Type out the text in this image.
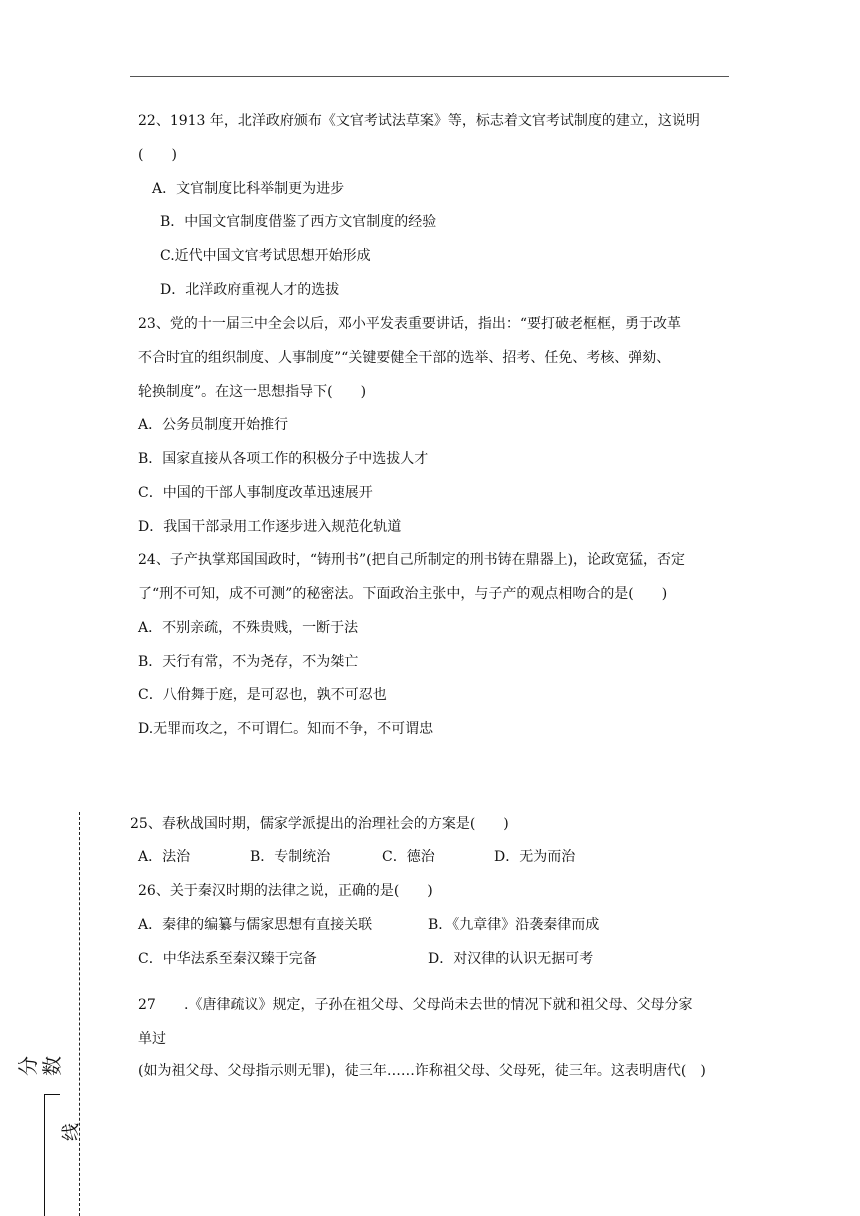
22、1913 年，北洋政府颁布《文官考试法草案》等，标志着文官考试制度的建立，这说明
(　　)
A．文官制度比科举制更为进步
B．中国文官制度借鉴了西方文官制度的经验
C.近代中国文官考试思想开始形成
D．北洋政府重视人才的选拔
23、党的十一届三中全会以后，邓小平发表重要讲话，指出：“要打破老框框，勇于改革
不合时宜的组织制度、人事制度”“关键要健全干部的选举、招考、任免、考核、弹劾、
轮换制度”。在这一思想指导下(　　)
A．公务员制度开始推行
B．国家直接从各项工作的积极分子中选拔人才
C．中国的干部人事制度改革迅速展开
D．我国干部录用工作逐步进入规范化轨道
24、子产执掌郑国国政时，“铸刑书”(把自己所制定的刑书铸在鼎器上)，论政宽猛，否定
了“刑不可知，成不可测”的秘密法。下面政治主张中，与子产的观点相吻合的是(　　)
A．不别亲疏，不殊贵贱，一断于法
B．天行有常，不为尧存，不为桀亡
C．八佾舞于庭，是可忍也，孰不可忍也
D.无罪而攻之，不可谓仁。知而不争，不可谓忠
25、春秋战国时期，儒家学派提出的治理社会的方案是(　　)
A．法治	B．专制统治	C．德治	D．无为而治
26、关于秦汉时期的法律之说，正确的是(　　)
A．秦律的编纂与儒家思想有直接关联	B．《九章律》沿袭秦律而成
C．中华法系至秦汉臻于完备	D．对汉律的认识无据可考
27 .《唐律疏议》规定，子孙在祖父母、父母尚未去世的情况下就和祖父母、父母分家
单过
(如为祖父母、父母指示则无罪)，徒三年……诈称祖父母、父母死，徒三年。这表明唐代(　)
分数
线
